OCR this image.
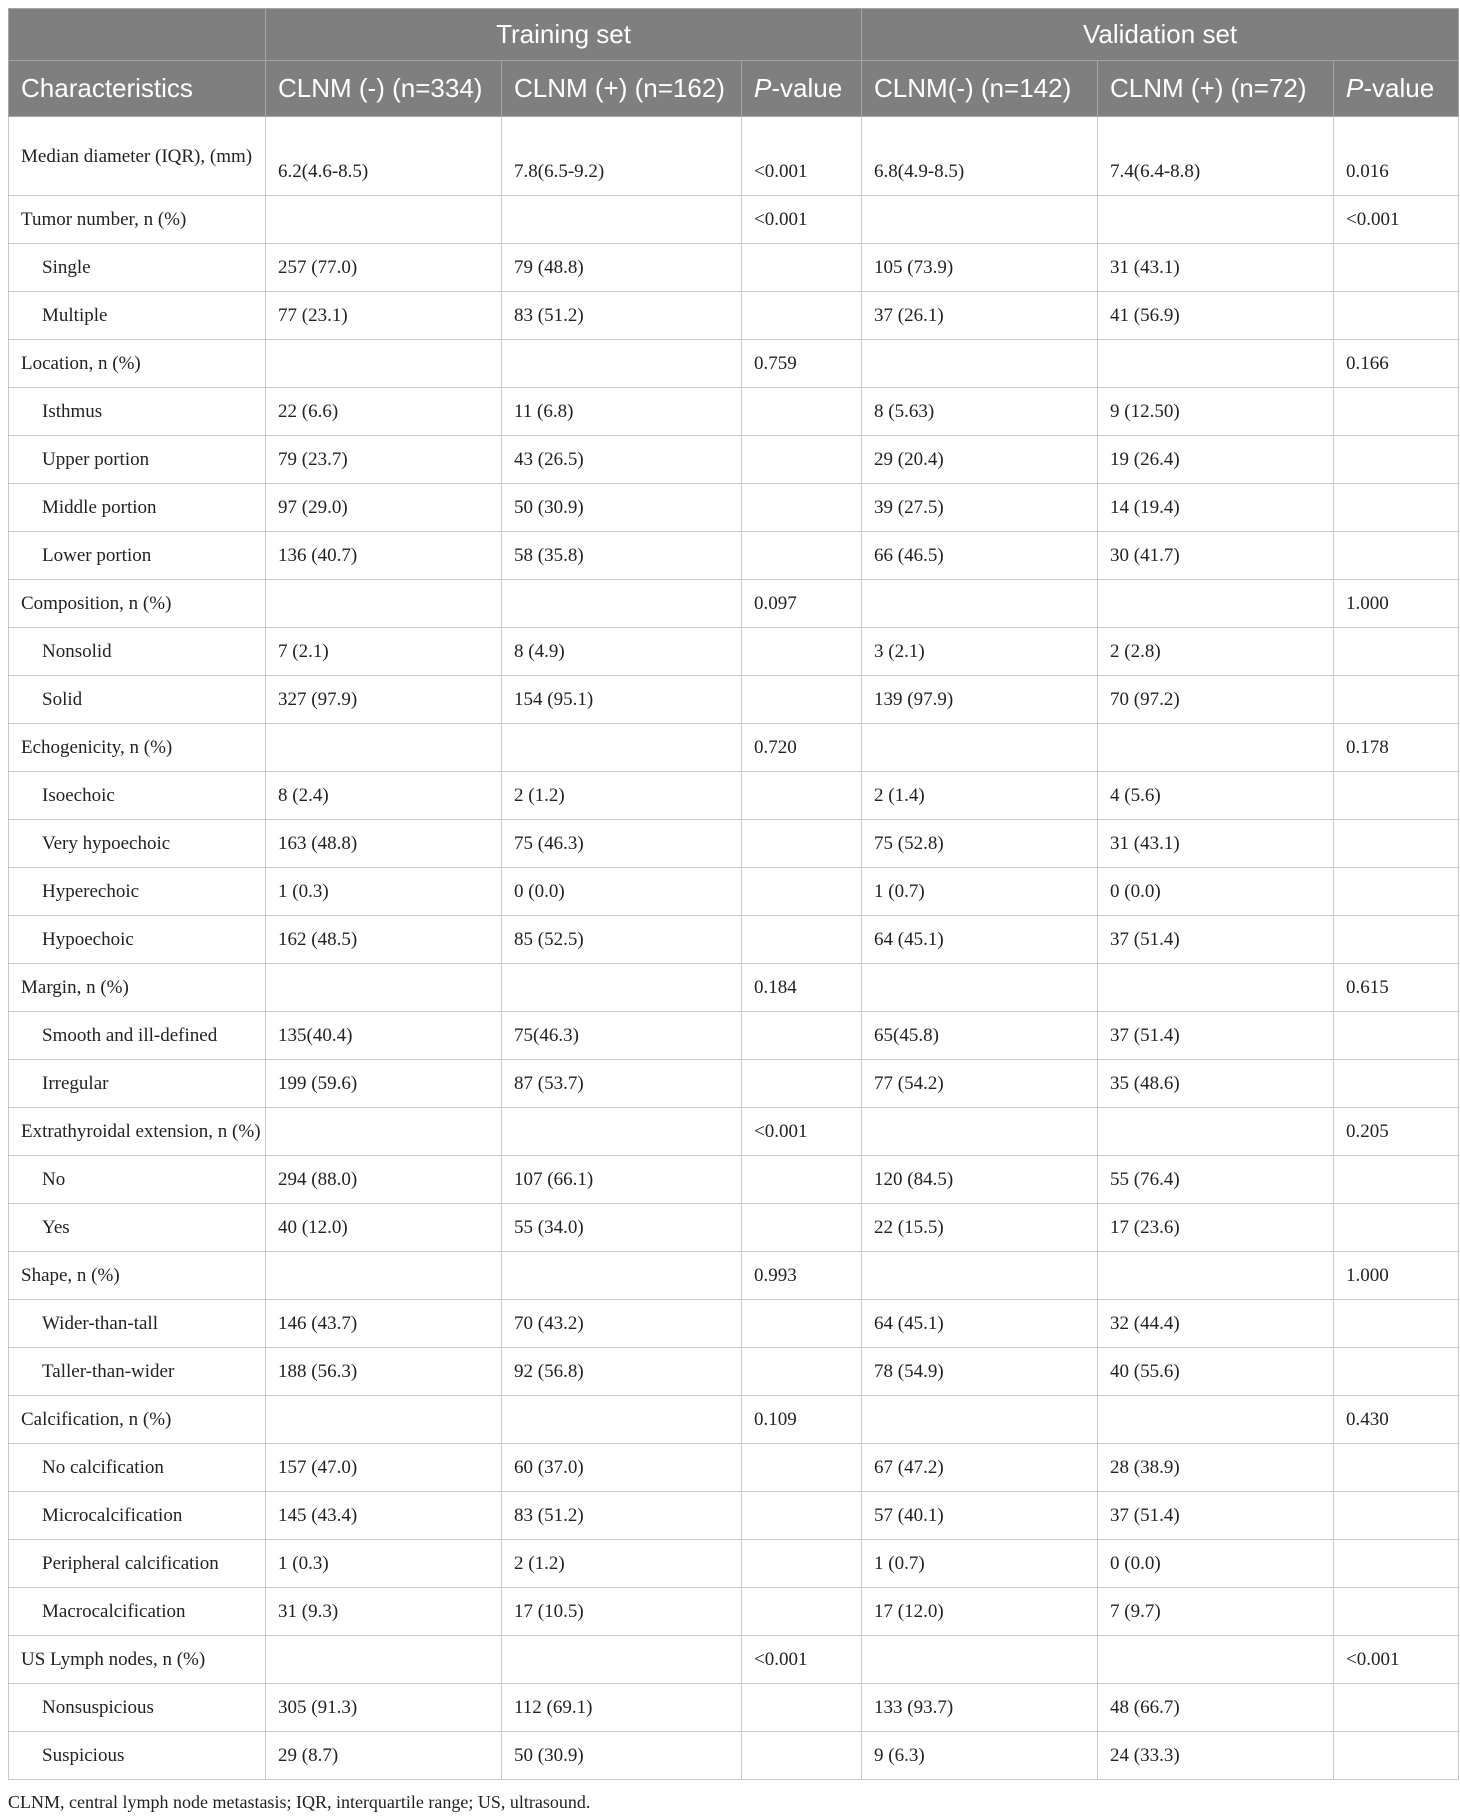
	Training set			Validation set		
Characteristics	CLNM (-) (n=334)	CLNM (+) (n=162)	P-value	CLNM(-) (n=142)	CLNM (+) (n=72)	P-value
Median diameter (IQR), (mm)	6.2(4.6-8.5)	7.8(6.5-9.2)	<0.001	6.8(4.9-8.5)	7.4(6.4-8.8)	0.016
Tumor number, n (%)			<0.001			<0.001
Single	257 (77.0)	79 (48.8)		105 (73.9)	31 (43.1)	
Multiple	77 (23.1)	83 (51.2)		37 (26.1)	41 (56.9)	
Location, n (%)			0.759			0.166
Isthmus	22 (6.6)	11 (6.8)		8 (5.63)	9 (12.50)	
Upper portion	79 (23.7)	43 (26.5)		29 (20.4)	19 (26.4)	
Middle portion	97 (29.0)	50 (30.9)		39 (27.5)	14 (19.4)	
Lower portion	136 (40.7)	58 (35.8)		66 (46.5)	30 (41.7)	
Composition, n (%)			0.097			1.000
Nonsolid	7 (2.1)	8 (4.9)		3 (2.1)	2 (2.8)	
Solid	327 (97.9)	154 (95.1)		139 (97.9)	70 (97.2)	
Echogenicity, n (%)			0.720			0.178
Isoechoic	8 (2.4)	2 (1.2)		2 (1.4)	4 (5.6)	
Very hypoechoic	163 (48.8)	75 (46.3)		75 (52.8)	31 (43.1)	
Hyperechoic	1 (0.3)	0 (0.0)		1 (0.7)	0 (0.0)	
Hypoechoic	162 (48.5)	85 (52.5)		64 (45.1)	37 (51.4)	
Margin, n (%)			0.184			0.615
Smooth and ill-defined	135(40.4)	75(46.3)		65(45.8)	37 (51.4)	
Irregular	199 (59.6)	87 (53.7)		77 (54.2)	35 (48.6)	
Extrathyroidal extension, n (%)			<0.001			0.205
No	294 (88.0)	107 (66.1)		120 (84.5)	55 (76.4)	
Yes	40 (12.0)	55 (34.0)		22 (15.5)	17 (23.6)	
Shape, n (%)			0.993			1.000
Wider-than-tall	146 (43.7)	70 (43.2)		64 (45.1)	32 (44.4)	
Taller-than-wider	188 (56.3)	92 (56.8)		78 (54.9)	40 (55.6)	
Calcification, n (%)			0.109			0.430
No calcification	157 (47.0)	60 (37.0)		67 (47.2)	28 (38.9)	
Microcalcification	145 (43.4)	83 (51.2)		57 (40.1)	37 (51.4)	
Peripheral calcification	1 (0.3)	2 (1.2)		1 (0.7)	0 (0.0)	
Macrocalcification	31 (9.3)	17 (10.5)		17 (12.0)	7 (9.7)	
US Lymph nodes, n (%)			<0.001			<0.001
Nonsuspicious	305 (91.3)	112 (69.1)		133 (93.7)	48 (66.7)	
Suspicious	29 (8.7)	50 (30.9)		9 (6.3)	24 (33.3)	
CLNM, central lymph node metastasis; IQR, interquartile range; US, ultrasound.
